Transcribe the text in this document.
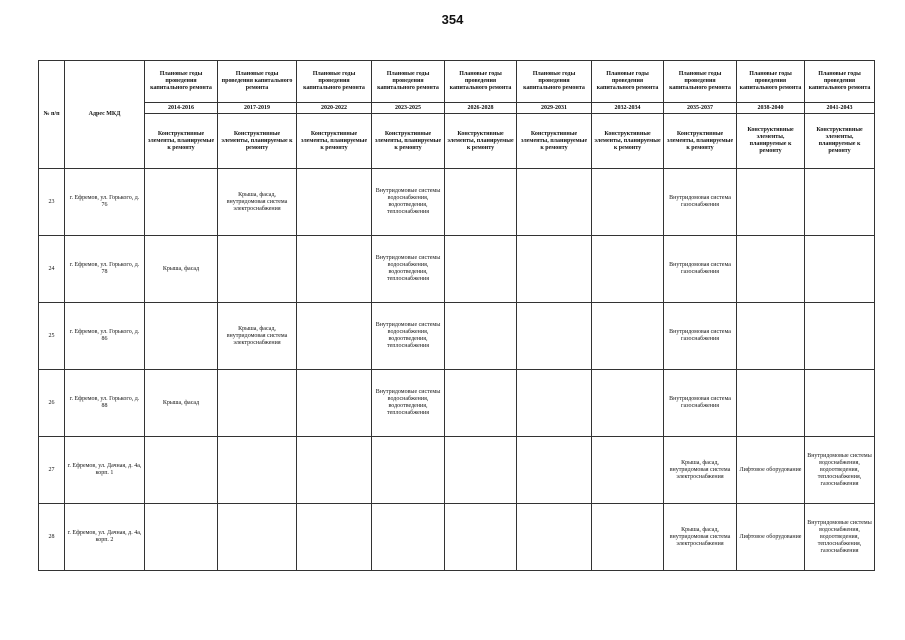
354
№ п/п	Адрес МКД	Плановые годы проведения капитального ремонта	Плановые годы проведения капитального ремонта	Плановые годы проведения капитального ремонта	Плановые годы проведения капитального ремонта	Плановые годы проведения капитального ремонта	Плановые годы проведения капитального ремонта	Плановые годы проведения капитального ремонта	Плановые годы проведения капитального ремонта	Плановые годы проведения капитального ремонта	Плановые годы проведения капитального ремонта
		2014-2016	2017-2019	2020-2022	2023-2025	2026-2028	2029-2031	2032-2034	2035-2037	2038-2040	2041-2043
		Конструктивные элементы, планируемые к ремонту	Конструктивные элементы, планируемые к ремонту	Конструктивные элементы, планируемые к ремонту	Конструктивные элементы, планируемые к ремонту	Конструктивные элементы, планируемые к ремонту	Конструктивные элементы, планируемые к ремонту	Конструктивные элементы, планируемые к ремонту	Конструктивные элементы, планируемые к ремонту	Конструктивные элементы, планируемые к ремонту	Конструктивные элементы, планируемые к ремонту
23	г. Ефремов, ул. Горького, д. 76		Крыша, фасад, внутридомовая система электроснабжения		Внутридомовые системы водоснабжения, водоотведения, теплоснабжения				Внутридомовая система газоснабжения		
24	г. Ефремов, ул. Горького, д. 78	Крыша, фасад			Внутридомовые системы водоснабжения, водоотведения, теплоснабжения				Внутридомовая система газоснабжения		
25	г. Ефремов, ул. Горького, д. 86		Крыша, фасад, внутридомовая система электроснабжения		Внутридомовые системы водоснабжения, водоотведения, теплоснабжения				Внутридомовая система газоснабжения		
26	г. Ефремов, ул. Горького, д. 88	Крыша, фасад			Внутридомовые системы водоснабжения, водоотведения, теплоснабжения				Внутридомовая система газоснабжения		
27	г. Ефремов, ул. Дачная, д. 4а, корп. 1								Крыша, фасад, внутридомовая система электроснабжения	Лифтовое оборудование	Внутридомовые системы водоснабжения, водоотведения, теплоснабжения, газоснабжения
28	г. Ефремов, ул. Дачная, д. 4а, корп. 2								Крыша, фасад, внутридомовая система электроснабжения	Лифтовое оборудование	Внутридомовые системы водоснабжения, водоотведения, теплоснабжения, газоснабжения
